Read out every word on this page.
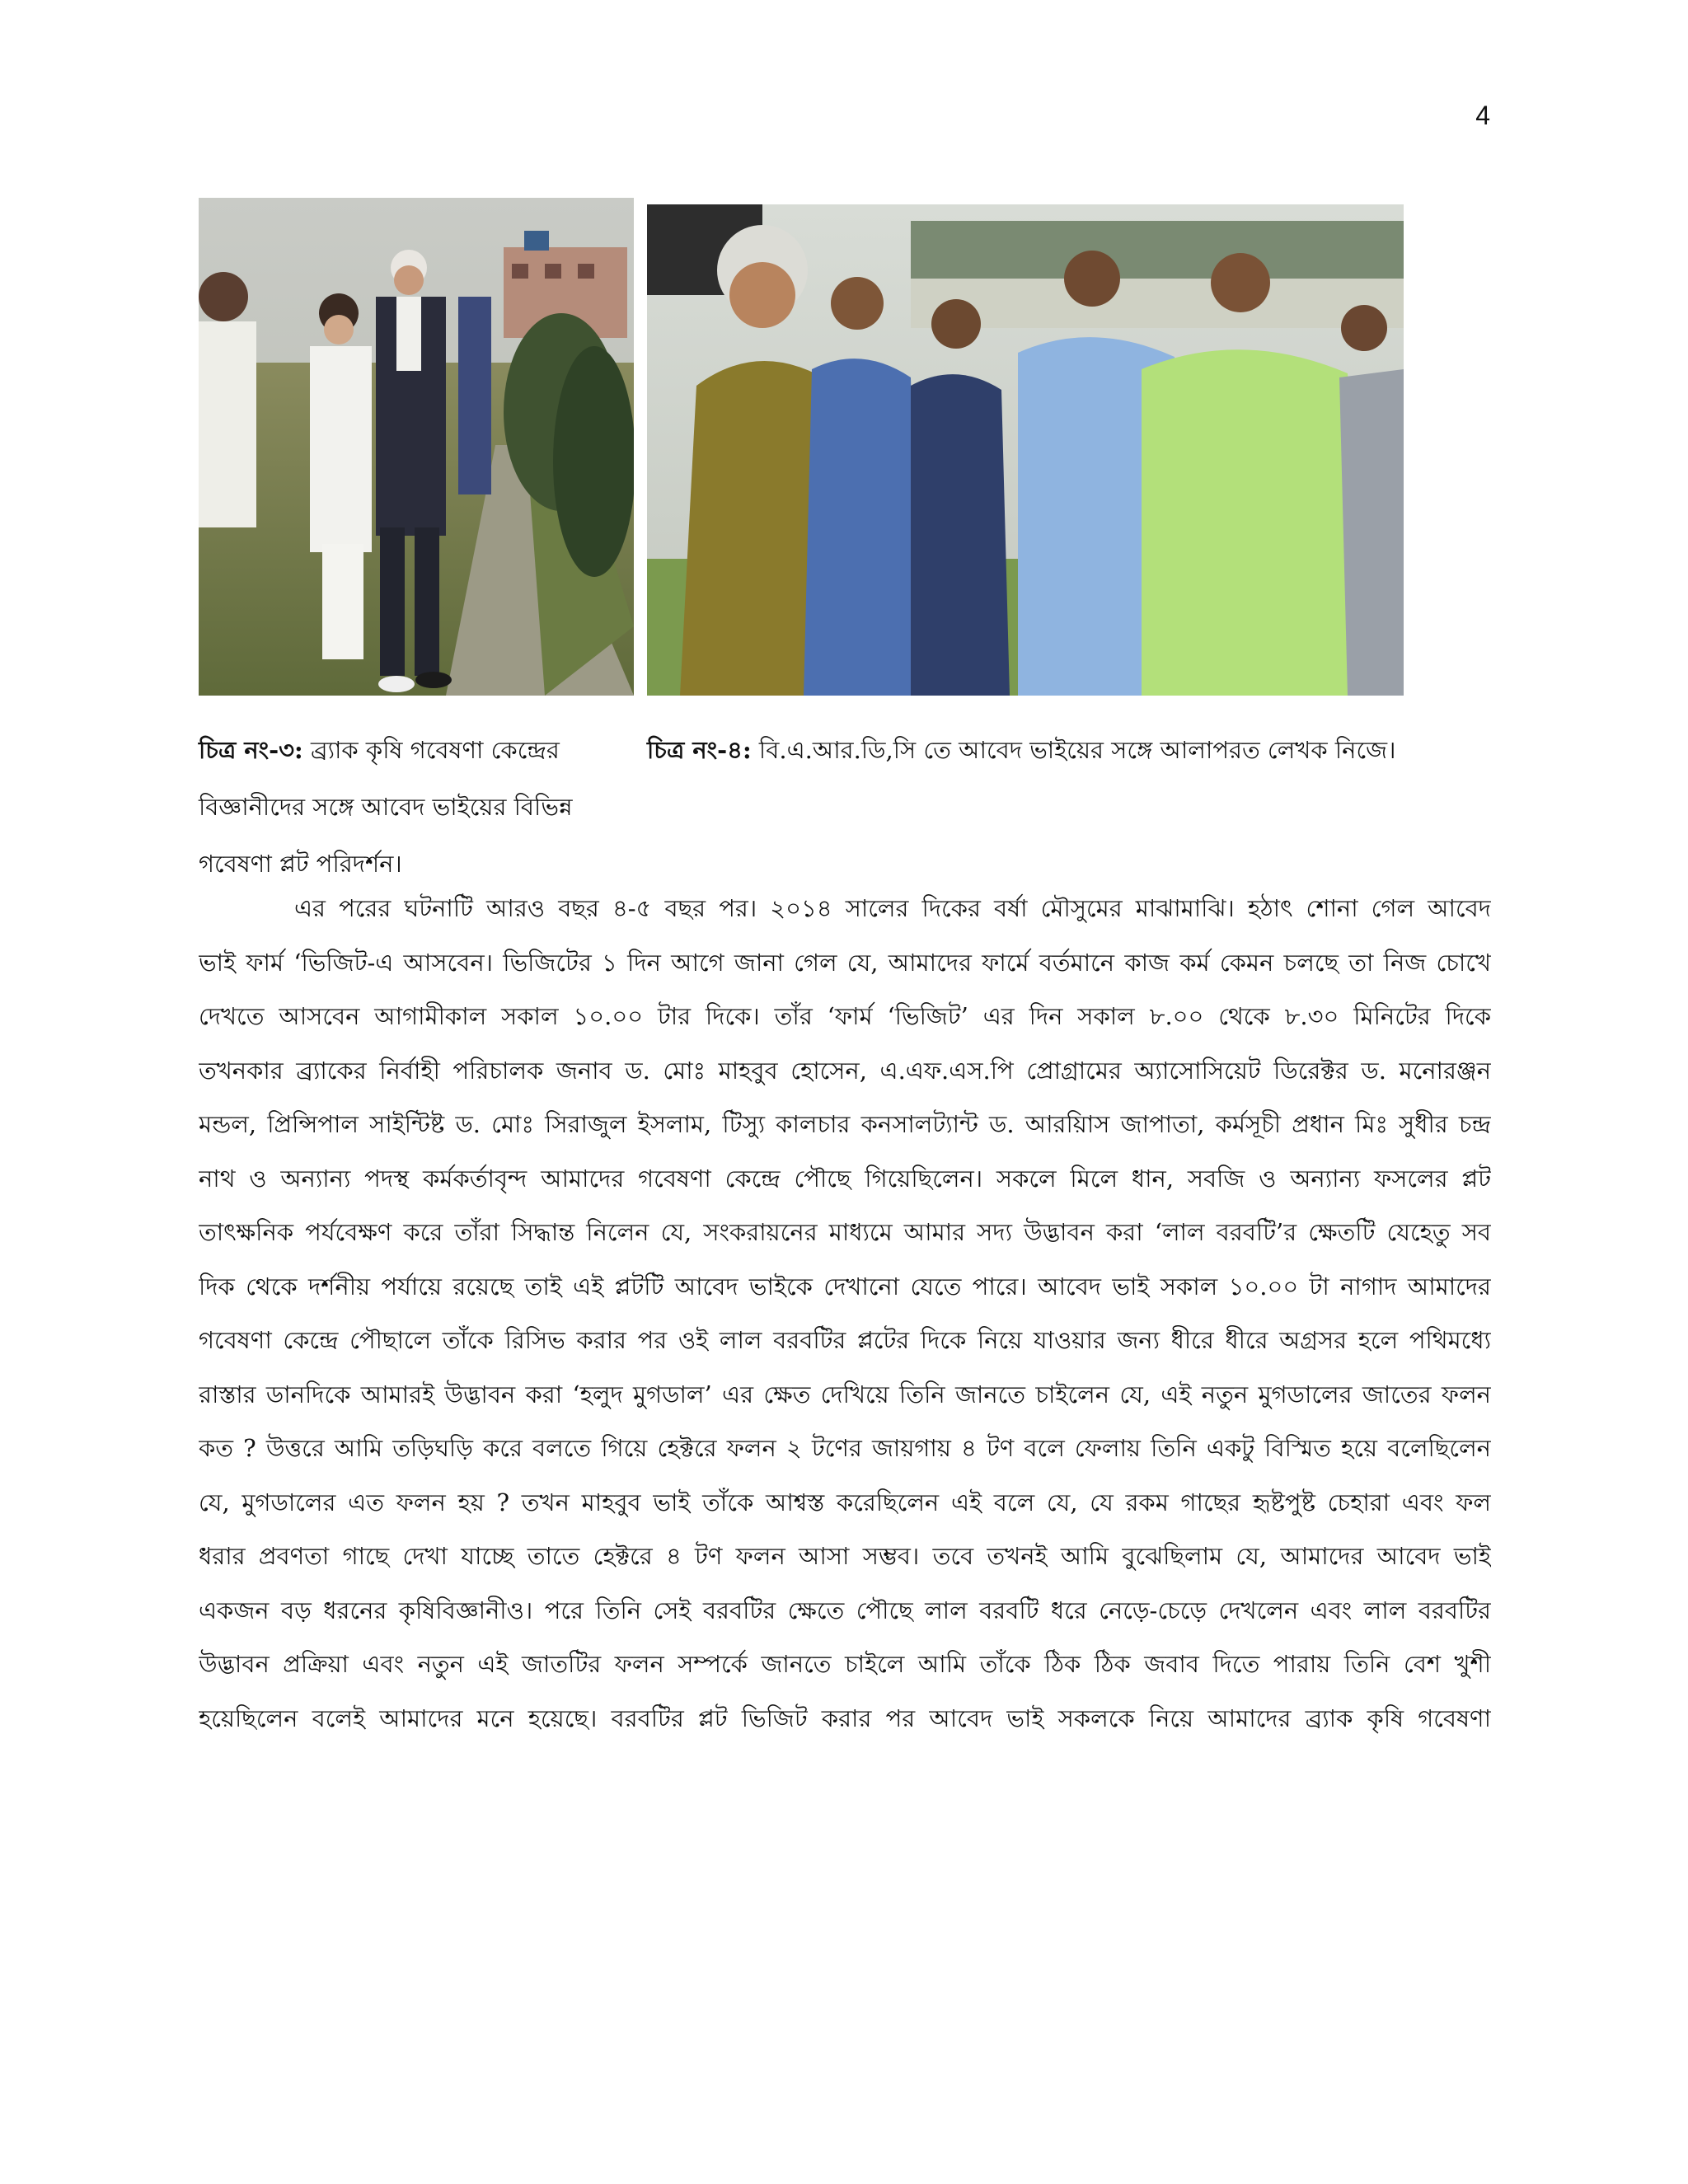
4
চিত্র নং-৩: ব্র্যাক কৃষি গবেষণা কেন্দ্রের
বিজ্ঞানীদের সঙ্গে আবেদ ভাইয়ের বিভিন্ন
গবেষণা প্লট পরিদর্শন।
চিত্র নং-৪: বি.এ.আর.ডি,সি তে আবেদ ভাইয়ের সঙ্গে আলাপরত লেখক নিজে।
এর পরের ঘটনাটি আরও বছর ৪-৫ বছর পর। ২০১৪ সালের দিকের বর্ষা মৌসুমের মাঝামাঝি। হঠাৎ শোনা গেল আবেদ
ভাই ফার্ম ‘ভিজিট-এ আসবেন। ভিজিটের ১ দিন আগে জানা গেল যে, আমাদের ফার্মে বর্তমানে কাজ কর্ম কেমন চলছে তা নিজ চোখে
দেখতে আসবেন আগামীকাল সকাল ১০.০০ টার দিকে। তাঁর ‘ফার্ম ‘ভিজিট’ এর দিন সকাল ৮.০০ থেকে ৮.৩০ মিনিটের দিকে
তখনকার ব্র্যাকের নির্বাহী পরিচালক জনাব ড. মোঃ মাহবুব হোসেন, এ.এফ.এস.পি প্রোগ্রামের অ্যাসোসিয়েট ডিরেক্টর ড. মনোরঞ্জন
মন্ডল, প্রিন্সিপাল সাইন্টিষ্ট ড. মোঃ সিরাজুল ইসলাম, টিস্যু কালচার কনসালট্যান্ট ড. আরয়িাস জাপাতা, কর্মসূচী প্রধান মিঃ সুধীর চন্দ্র
নাথ ও অন্যান্য পদস্থ কর্মকর্তাবৃন্দ আমাদের গবেষণা কেন্দ্রে পৌছে গিয়েছিলেন। সকলে মিলে ধান, সবজি ও অন্যান্য ফসলের প্লট
তাৎক্ষনিক পর্যবেক্ষণ করে তাঁরা সিদ্ধান্ত নিলেন যে, সংকরায়নের মাধ্যমে আমার সদ্য উদ্ভাবন করা ‘লাল বরবটি’র ক্ষেতটি যেহেতু সব
দিক থেকে দর্শনীয় পর্যায়ে রয়েছে তাই এই প্লটটি আবেদ ভাইকে দেখানো যেতে পারে। আবেদ ভাই সকাল ১০.০০ টা নাগাদ আমাদের
গবেষণা কেন্দ্রে পৌছালে তাঁকে রিসিভ করার পর ওই লাল বরবটির প্লটের দিকে নিয়ে যাওয়ার জন্য ধীরে ধীরে অগ্রসর হলে পথিমধ্যে
রাস্তার ডানদিকে আমারই উদ্ভাবন করা ‘হলুদ মুগডাল’ এর ক্ষেত দেখিয়ে তিনি জানতে চাইলেন যে, এই নতুন মুগডালের জাতের ফলন
কত ? উত্তরে আমি তড়িঘড়ি করে বলতে গিয়ে হেক্টরে ফলন ২ টণের জায়গায় ৪ টণ বলে ফেলায় তিনি একটু বিস্মিত হয়ে বলেছিলেন
যে, মুগডালের এত ফলন হয় ? তখন মাহবুব ভাই তাঁকে আশ্বস্ত করেছিলেন এই বলে যে, যে রকম গাছের হৃষ্টপুষ্ট চেহারা এবং ফল
ধরার প্রবণতা গাছে দেখা যাচ্ছে তাতে হেক্টরে ৪ টণ ফলন আসা সম্ভব। তবে তখনই আমি বুঝেছিলাম যে, আমাদের আবেদ ভাই
একজন বড় ধরনের কৃষিবিজ্ঞানীও। পরে তিনি সেই বরবটির ক্ষেতে পৌছে লাল বরবটি ধরে নেড়ে-চেড়ে দেখলেন এবং লাল বরবটির
উদ্ভাবন প্রক্রিয়া এবং নতুন এই জাতটির ফলন সম্পর্কে জানতে চাইলে আমি তাঁকে ঠিক ঠিক জবাব দিতে পারায় তিনি বেশ খুশী
হয়েছিলেন বলেই আমাদের মনে হয়েছে। বরবটির প্লট ভিজিট করার পর আবেদ ভাই সকলকে নিয়ে আমাদের ব্র্যাক কৃষি গবেষণা
